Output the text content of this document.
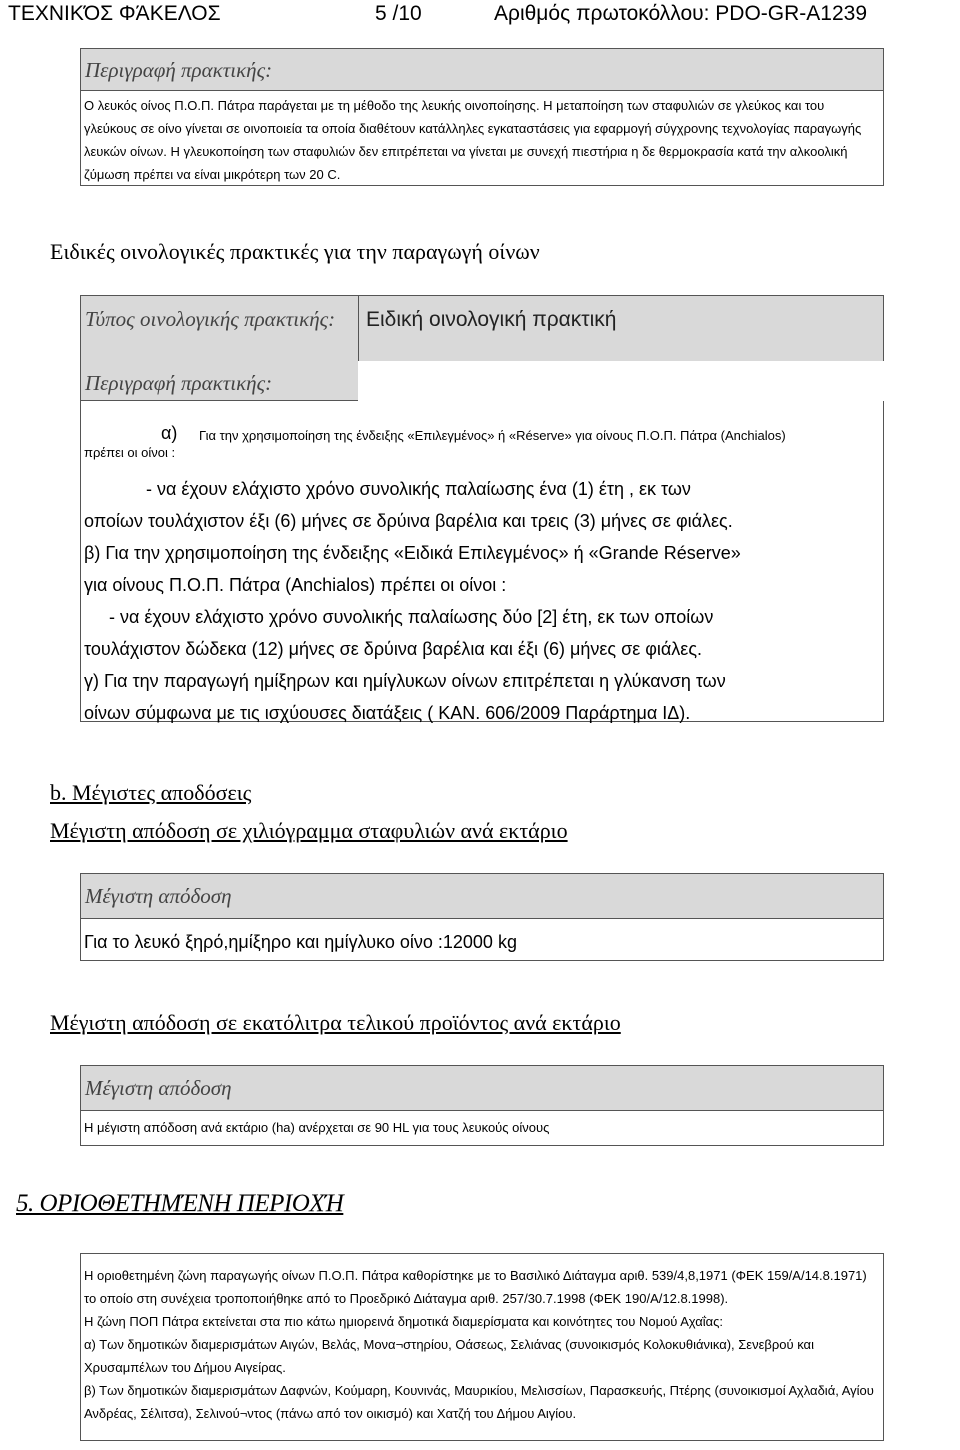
ΤΕΧΝΙΚΌΣ ΦΆΚΕΛΟΣ	5 /10	Αριθμός πρωτοκόλλου: PDO-GR-A1239
Περιγραφή πρακτικής:

Ο λευκός οίνος Π.Ο.Π. Πάτρα παράγεται με τη μέθοδο της λευκής οινοποίησης. Η μεταποίηση των σταφυλιών σε γλεύκος και του γλεύκους σε οίνο γίνεται σε οινοποιεία τα οποία διαθέτουν κατάλληλες εγκαταστάσεις για εφαρμογή σύγχρονης τεχνολογίας παραγωγής λευκών οίνων. Η γλευκοποίηση των σταφυλιών δεν επιτρέπεται να γίνεται με συνεχή πιεστήρια η δε θερμοκρασία κατά την αλκοολική ζύμωση πρέπει να είναι μικρότερη των 20 C.

Ειδικές οινολογικές πρακτικές για την παραγωγή οίνων
Τύπος οινολογικής πρακτικής:	Ειδική οινολογική πρακτική
Περιγραφή πρακτικής:
α) Για την χρησιμοποίηση της ένδειξης «Επιλεγμένος» ή «Réserve» για οίνους Π.Ο.Π. Πάτρα (Anchialos)
πρέπει οι οίνοι :

- να έχουν ελάχιστο χρόνο συνολικής παλαίωσης ένα (1) έτη , εκ των

οποίων τουλάχιστον έξι (6) μήνες σε δρύινα βαρέλια και τρεις (3) μήνες σε φιάλες.

β) Για την χρησιμοποίηση της ένδειξης «Ειδικά Επιλεγμένος» ή «Grande Réserve»

για οίνους Π.Ο.Π. Πάτρα (Anchialos) πρέπει οι οίνοι :

- να έχουν ελάχιστο χρόνο συνολικής παλαίωσης δύο [2] έτη, εκ των οποίων

τουλάχιστον δώδεκα (12) μήνες σε δρύινα βαρέλια και έξι (6) μήνες σε φιάλες.

γ) Για την παραγωγή ημίξηρων και ημίγλυκων οίνων επιτρέπεται η γλύκανση των

οίνων σύμφωνα με τις ισχύουσες διατάξεις ( ΚΑΝ. 606/2009 Παράρτημα ΙΔ).

b. Μέγιστες αποδόσεις
Μέγιστη απόδοση σε χιλιόγραμμα σταφυλιών ανά εκτάριο
Μέγιστη απόδοση
Για το λευκό ξηρό,ημίξηρο και ημίγλυκο οίνο :12000 kg
Μέγιστη απόδοση σε εκατόλιτρα τελικού προϊόντος ανά εκτάριο
Μέγιστη απόδοση
Η μέγιστη απόδοση ανά εκτάριο (ha) ανέρχεται σε 90 HL για τους λευκούς οίνους
5. ΟΡΙΟΘΕΤΗΜΈΝΗ ΠΕΡΙΟΧΉ

Η οριοθετημένη ζώνη παραγωγής οίνων Π.Ο.Π. Πάτρα καθορίστηκε με το Βασιλικό Διάταγμα αριθ. 539/4,8,1971 (ΦΕΚ 159/Α/14.8.1971) το οποίο στη συνέχεια τροποποιήθηκε από το Προεδρικό Διάταγμα αριθ. 257/30.7.1998 (ΦΕΚ 190/Α/12.8.1998).

Η ζώνη ΠΟΠ Πάτρα εκτείνεται στα πιο κάτω ημιορεινά δημοτικά διαμερίσματα και κοινότητες του Νομού Αχαΐας:

α) Των δημοτικών διαμερισμάτων Αιγών, Βελάς, Μονα¬στηρίου, Οάσεως, Σελιάνας (συνοικισμός Κολοκυθιάνικα), Σενεβρού και Χρυσαμπέλων του Δήμου Αιγείρας.

β) Των δημοτικών διαμερισμάτων Δαφνών, Κούμαρη, Κουνινάς, Μαυρικίου, Μελισσίων, Παρασκευής, Πτέρης (συνοικισμοί Αχλαδιά, Αγίου Ανδρέας, Σέλιτσα), Σελινού¬ντος (πάνω από τον οικισμό) και Χατζή του Δήμου Αιγίου.
